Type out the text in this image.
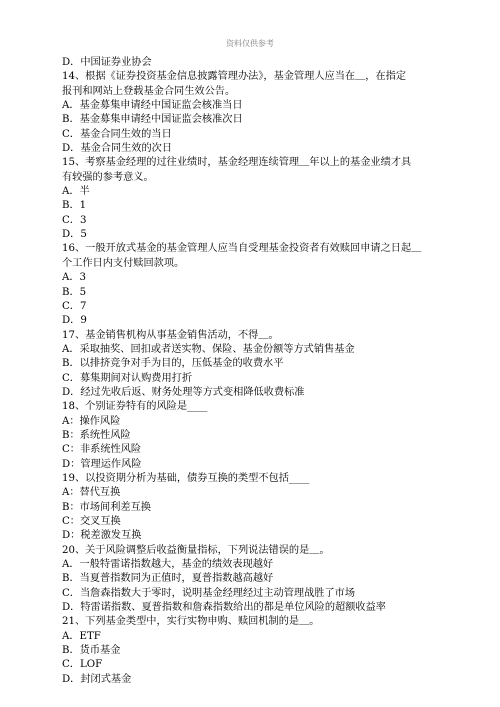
资料仅供参考
D．中国证券业协会
14、根据《证券投资基金信息披露管理办法》，基金管理人应当在＿，在指定
报刊和网站上登载基金合同生效公告。
A．基金募集申请经中国证监会核准当日
B．基金募集申请经中国证监会核准次日
C．基金合同生效的当日
D．基金合同生效的次日
15、考察基金经理的过往业绩时，基金经理连续管理＿年以上的基金业绩才具
有较强的参考意义。
A．半
B．1
C．3
D．5
16、一般开放式基金的基金管理人应当自受理基金投资者有效赎回申请之日起＿
个工作日内支付赎回款项。
A．3
B．5
C．7
D．9
17、基金销售机构从事基金销售活动，不得＿。
A．采取抽奖、回扣或者送实物、保险、基金份额等方式销售基金
B．以排挤竞争对手为目的，压低基金的收费水平
C．募集期间对认购费用打折
D．经过先收后返、财务处理等方式变相降低收费标准
18、个别证券特有的风险是____
A：操作风险
B：系统性风险
C：非系统性风险
D：管理运作风险
19、以投资期分析为基础，债券互换的类型不包括____
A：替代互换
B：市场间利差互换
C：交叉互换
D：税差激发互换
20、关于风险调整后收益衡量指标，下列说法错误的是＿。
A．一般特雷诺指数越大，基金的绩效表现越好
B．当夏普指数同为正值时，夏普指数越高越好
C．当詹森指数大于零时，说明基金经理经过主动管理战胜了市场
D．特雷诺指数、夏普指数和詹森指数给出的都是单位风险的超额收益率
21、下列基金类型中，实行实物申购、赎回机制的是＿。
A．ETF
B．货币基金
C．LOF
D．封闭式基金
